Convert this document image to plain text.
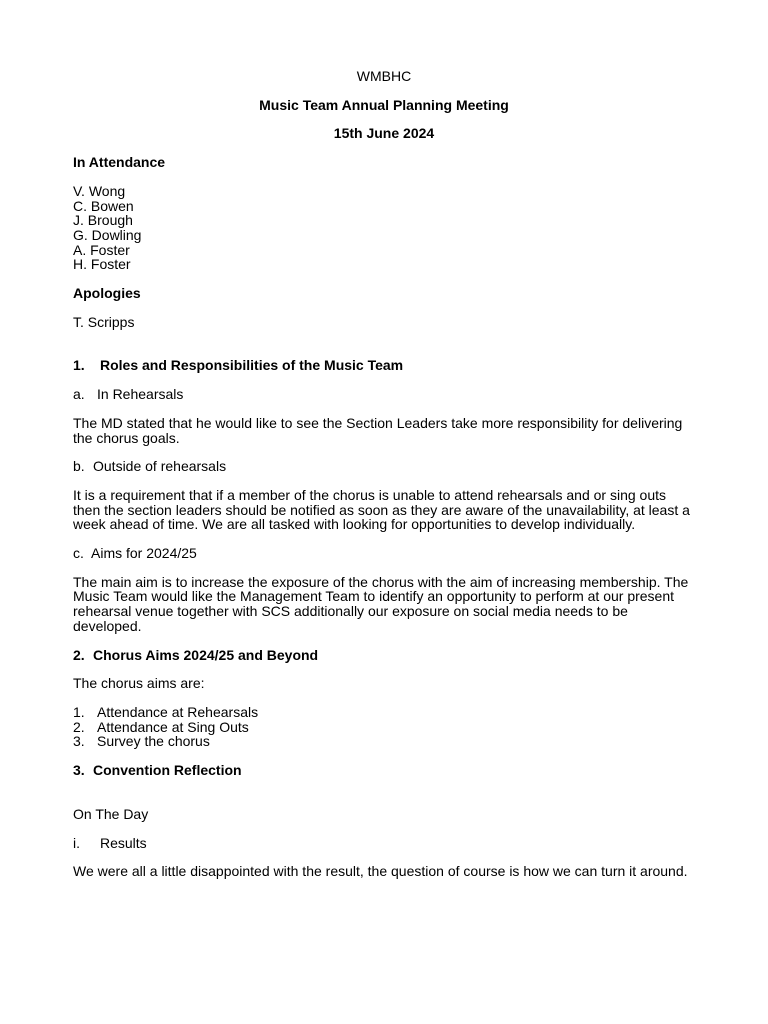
WMBHC
Music Team Annual Planning Meeting
15th June 2024
In Attendance
V. Wong
C. Bowen
J. Brough
G. Dowling
A. Foster
H. Foster
Apologies
T. Scripps
1. Roles and Responsibilities of the Music Team
a. In Rehearsals
The MD stated that he would like to see the Section Leaders take more responsibility for delivering the chorus goals.
b. Outside of rehearsals
It is a requirement that if a member of the chorus is unable to attend rehearsals and or sing outs then the section leaders should be notified as soon as they are aware of the unavailability, at least a week ahead of time. We are all tasked with looking for opportunities to develop individually.
c. Aims for 2024/25
The main aim is to increase the exposure of the chorus with the aim of increasing membership. The Music Team would like the Management Team to identify an opportunity to perform at our present rehearsal venue together with SCS additionally our exposure on social media needs to be developed.
2. Chorus Aims 2024/25 and Beyond
The chorus aims are:
1. Attendance at Rehearsals
2. Attendance at Sing Outs
3. Survey the chorus
3. Convention Reflection
On The Day
i. Results
We were all a little disappointed with the result, the question of course is how we can turn it around.
